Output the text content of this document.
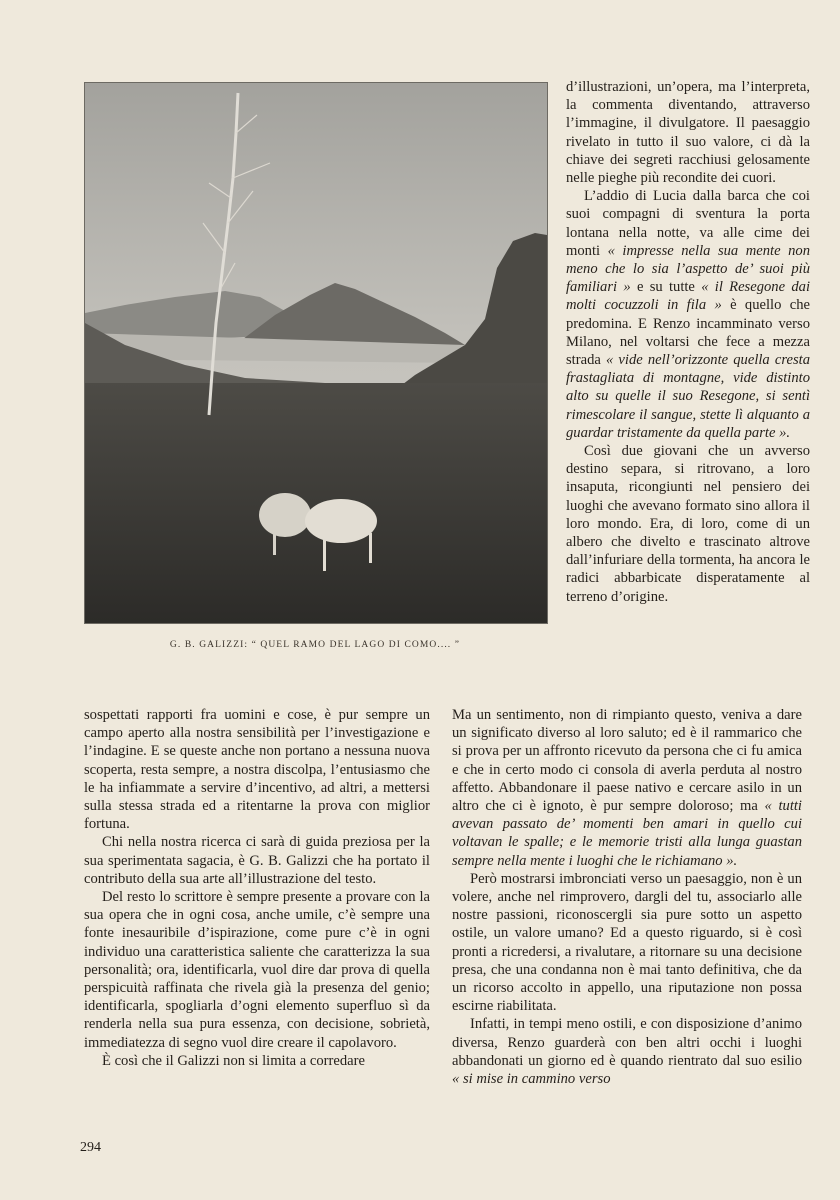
G. B. GALIZZI: “ QUEL RAMO DEL LAGO DI COMO.... ”

d’illustrazioni, un’opera, ma l’interpreta, la commenta diventando, attraverso l’immagine, il divulgatore. Il paesaggio rivelato in tutto il suo valore, ci dà la chiave dei segreti racchiusi gelosamente nelle pieghe più recondite dei cuori.

L’addio di Lucia dalla barca che coi suoi compagni di sventura la porta lontana nella notte, va alle cime dei monti « impresse nella sua mente non meno che lo sia l’aspetto de’ suoi più familiari » e su tutte « il Resegone dai molti cocuzzoli in fila » è quello che predomina. E Renzo incamminato verso Milano, nel voltarsi che fece a mezza strada « vide nell’orizzonte quella cresta frastagliata di montagne, vide distinto alto su quelle il suo Resegone, si sentì rimescolare il sangue, stette lì alquanto a guardar tristamente da quella parte ».

Così due giovani che un avverso destino separa, si ritrovano, a loro insaputa, ricongiunti nel pensiero dei luoghi che avevano formato sino allora il loro mondo. Era, di loro, come di un albero che divelto e trascinato altrove dall’infuriare della tormenta, ha ancora le radici abbarbicate disperatamente al terreno d’origine.

sospettati rapporti fra uomini e cose, è pur sempre un campo aperto alla nostra sensibilità per l’investigazione e l’indagine. E se queste anche non portano a nessuna nuova scoperta, resta sempre, a nostra discolpa, l’entusiasmo che le ha infiammate a servire d’incentivo, ad altri, a mettersi sulla stessa strada ed a ritentarne la prova con miglior fortuna.

Chi nella nostra ricerca ci sarà di guida preziosa per la sua sperimentata sagacia, è G. B. Galizzi che ha portato il contributo della sua arte all’illustrazione del testo.

Del resto lo scrittore è sempre presente a provare con la sua opera che in ogni cosa, anche umile, c’è sempre una fonte inesauribile d’ispirazione, come pure c’è in ogni individuo una caratteristica saliente che caratterizza la sua personalità; ora, identificarla, vuol dire dar prova di quella perspicuità raffinata che rivela già la presenza del genio; identificarla, spogliarla d’ogni elemento superfluo sì da renderla nella sua pura essenza, con decisione, sobrietà, immediatezza di segno vuol dire creare il capolavoro.

È così che il Galizzi non si limita a corredare

Ma un sentimento, non di rimpianto questo, veniva a dare un significato diverso al loro saluto; ed è il rammarico che si prova per un affronto ricevuto da persona che ci fu amica e che in certo modo ci consola di averla perduta al nostro affetto. Abbandonare il paese nativo e cercare asilo in un altro che ci è ignoto, è pur sempre doloroso; ma « tutti avevan passato de’ momenti ben amari in quello cui voltavan le spalle; e le memorie tristi alla lunga guastan sempre nella mente i luoghi che le richiamano ».

Però mostrarsi imbronciati verso un paesaggio, non è un volere, anche nel rimprovero, dargli del tu, associarlo alle nostre passioni, riconoscergli sia pure sotto un aspetto ostile, un valore umano? Ed a questo riguardo, si è così pronti a ricredersi, a rivalutare, a ritornare su una decisione presa, che una condanna non è mai tanto definitiva, che da un ricorso accolto in appello, una riputazione non possa escirne riabilitata.

Infatti, in tempi meno ostili, e con disposizione d’animo diversa, Renzo guarderà con ben altri occhi i luoghi abbandonati un giorno ed è quando rientrato dal suo esilio « si mise in cammino verso

294
